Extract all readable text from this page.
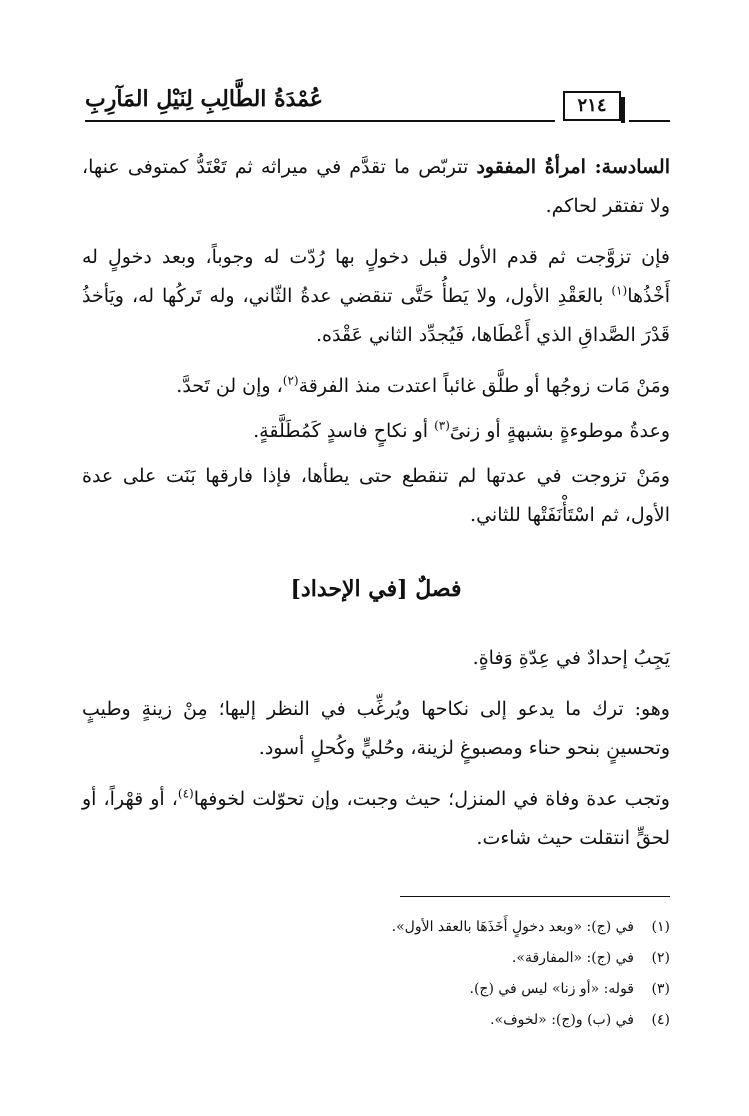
عُمْدَةُ الطَّالِبِ لِنَيْلِ المَآرِبِ	٢١٤

السادسة: امرأةُ المفقود تتربّص ما تقدَّم في ميراثه ثم تَعْتَدُّ كمتوفى عنها، ولا تفتقر لحاكم.

فإن تزوَّجت ثم قدم الأول قبل دخولٍ بها رُدّت له وجوباً، وبعد دخولٍ له أَخْذُها$^{(١)}$ بالعَقْدِ الأول، ولا يَطأُ حَتَّى تنقضي عدةُ الثّاني، وله تَركُها له، ويَأخذُ قَدْرَ الصَّداقِ الذي أَعْطَاها، فَيُجدِّد الثاني عَقْدَه.

ومَنْ مَات زوجُها أو طلَّق غائباً اعتدت منذ الفرقة$^{(٢)}$، وإن لن تَحدَّ.

وعدةُ موطوءةٍ بشبهةٍ أو زنىً$^{(٣)}$ أو نكاحٍ فاسدٍ كَمُطَلَّقةٍ.

ومَنْ تزوجت في عدتها لم تنقطع حتى يطأها، فإذا فارقها بَنَت على عدة الأول، ثم اسْتَأْنَفَتْها للثاني.

فصلٌ [في الإحداد]

يَجِبُ إحدادٌ في عِدّةِ وَفاةٍ.

وهو: ترك ما يدعو إلى نكاحها ويُرغِّب في النظر إليها؛ مِنْ زينةٍ وطيبٍ وتحسينٍ بنحو حناء ومصبوغٍ لزينة، وحُليٍّ وكُحلٍ أسود.

وتجب عدة وفاة في المنزل؛ حيث وجبت، وإن تحوّلت لخوفها$^{(٤)}$، أو قهْراً، أو لحقٍّ انتقلت حيث شاءت.

(١)في (ج): «وبعد دخولٍ أَخَذَهَا بالعقد الأول».
(٢)في (ج): «المفارقة».
(٣)قوله: «أو زنا» ليس في (ج).
(٤)في (ب) و(ج): «لخوف».
